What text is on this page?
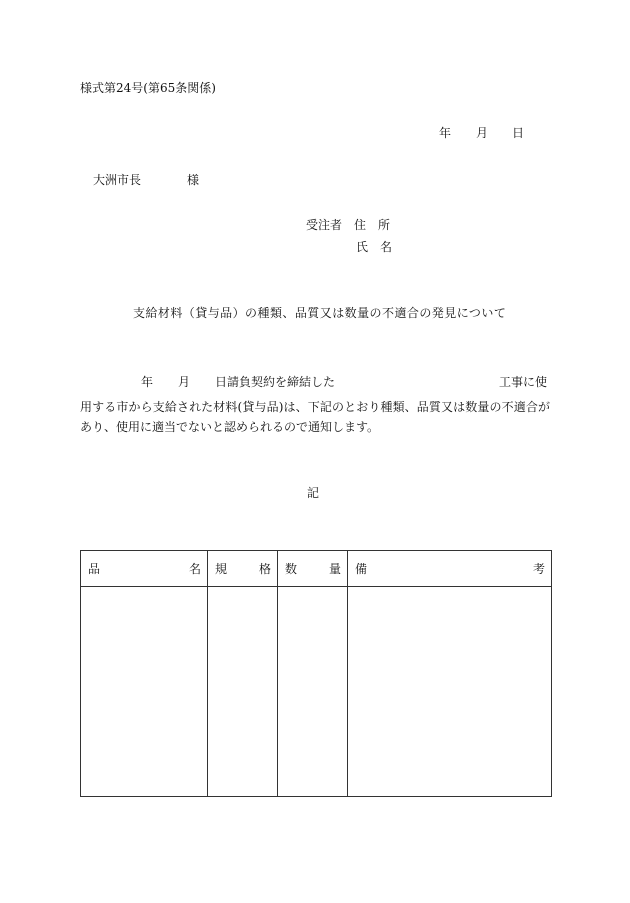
様式第24号(第65条関係)
年 月 日
大洲市長	様
受注者 住　所
氏　名
支給材料（貸与品）の種類、品質又は数量の不適合の発見について
年 月 日請負契約を締結した	工事に使
用する市から支給された材料(貸与品)は、下記のとおり種類、品質又は数量の不適合が
あり、使用に適当でないと認められるので通知します。
記
品 名	規 格	数 量	備 考
